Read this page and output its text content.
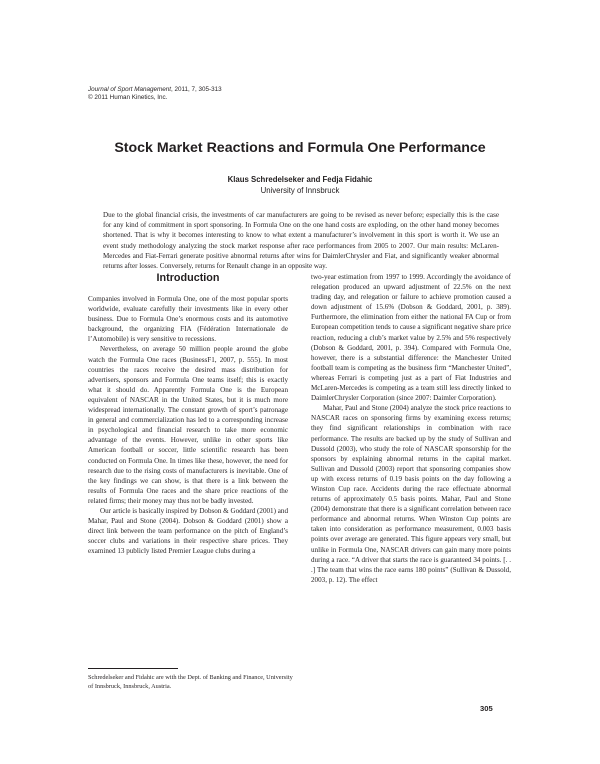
Journal of Sport Management, 2011, 7, 305-313
© 2011 Human Kinetics, Inc.
Stock Market Reactions and Formula One Performance
Klaus Schredelseker and Fedja Fidahic
University of Innsbruck
Due to the global financial crisis, the investments of car manufacturers are going to be revised as never before; especially this is the case for any kind of commitment in sport sponsoring. In Formula One on the one hand costs are exploding, on the other hand money becomes shortened. That is why it becomes interesting to know to what extent a manufacturer’s involvement in this sport is worth it. We use an event study methodology analyzing the stock market response after race performances from 2005 to 2007. Our main results: McLaren-Mercedes and Fiat-Ferrari generate positive abnormal returns after wins for DaimlerChrysler and Fiat, and significantly weaker abnormal returns after losses. Conversely, returns for Renault change in an opposite way.
Introduction

Companies involved in Formula One, one of the most popular sports worldwide, evaluate carefully their investments like in every other business. Due to Formula One’s enormous costs and its automotive background, the organizing FIA (Fédération Internationale de l’Automobile) is very sensitive to recessions.

Nevertheless, on average 50 million people around the globe watch the Formula One races (BusinessF1, 2007, p. 555). In most countries the races receive the desired mass distribution for advertisers, sponsors and Formula One teams itself; this is exactly what it should do. Apparently Formula One is the European equivalent of NASCAR in the United States, but it is much more widespread internationally. The constant growth of sport’s patronage in general and commercialization has led to a corresponding increase in psychological and financial research to take more economic advantage of the events. However, unlike in other sports like American football or soccer, little scientific research has been conducted on Formula One. In times like these, however, the need for research due to the rising costs of manufacturers is inevitable. One of the key findings we can show, is that there is a link between the results of Formula One races and the share price reactions of the related firms; their money may thus not be badly invested.

Our article is basically inspired by Dobson & Goddard (2001) and Mahar, Paul and Stone (2004). Dobson & Goddard (2001) show a direct link between the team performance on the pitch of England’s soccer clubs and variations in their respective share prices. They examined 13 publicly listed Premier League clubs during a

two-year estimation from 1997 to 1999. Accordingly the avoidance of relegation produced an upward adjustment of 22.5% on the next trading day, and relegation or failure to achieve promotion caused a down adjustment of 15.6% (Dobson & Goddard, 2001, p. 389). Furthermore, the elimination from either the national FA Cup or from European competition tends to cause a significant negative share price reaction, reducing a club’s market value by 2.5% and 5% respectively (Dobson & Goddard, 2001, p. 394). Compared with Formula One, however, there is a substantial difference: the Manchester United football team is competing as the business firm “Manchester United”, whereas Ferrari is competing just as a part of Fiat Industries and McLaren-Mercedes is competing as a team still less directly linked to DaimlerChrysler Corporation (since 2007: Daimler Corporation).

Mahar, Paul and Stone (2004) analyze the stock price reactions to NASCAR races on sponsoring firms by examining excess returns; they find significant relationships in combination with race performance. The results are backed up by the study of Sullivan and Dussold (2003), who study the role of NASCAR sponsorship for the sponsors by explaining abnormal returns in the capital market. Sullivan and Dussold (2003) report that sponsoring companies show up with excess returns of 0.19 basis points on the day following a Winston Cup race. Accidents during the race effectuate abnormal returns of approximately 0.5 basis points. Mahar, Paul and Stone (2004) demonstrate that there is a significant correlation between race performance and abnormal returns. When Winston Cup points are taken into consideration as performance measurement, 0.003 basis points over average are generated. This figure appears very small, but unlike in Formula One, NASCAR drivers can gain many more points during a race. “A driver that starts the race is guaranteed 34 points. [. . .] The team that wins the race earns 180 points” (Sullivan & Dussold, 2003, p. 12). The effect

Schredelseker and Fidahic are with the Dept. of Banking and Finance, University of Innsbruck, Innsbruck, Austria.
305
